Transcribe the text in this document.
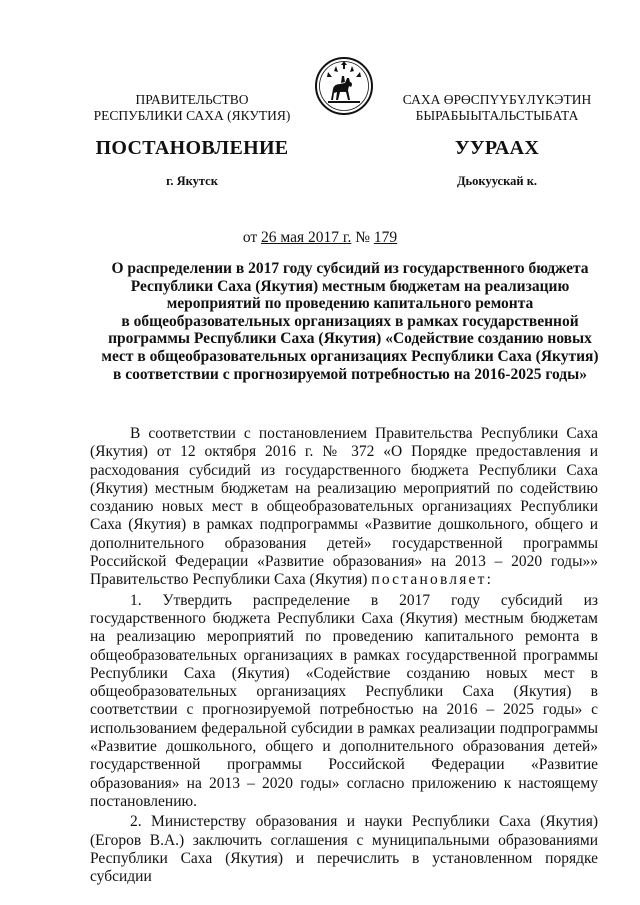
ПРАВИТЕЛЬСТВО
РЕСПУБЛИКИ САХА (ЯКУТИЯ)
САХА ӨРӨСПҮҮБҮЛҮКЭТИН
БЫРАБЫЫТАЛЬСТЫБАТА
ПОСТАНОВЛЕНИЕ	УУРААХ
г. Якутск	Дьокуускай к.
от 26 мая 2017 г. № 179
О распределении в 2017 году субсидий из государственного бюджета
Республики Саха (Якутия) местным бюджетам на реализацию
мероприятий по проведению капитального ремонта
в общеобразовательных организациях в рамках государственной
программы Республики Саха (Якутия) «Содействие созданию новых
мест в общеобразовательных организациях Республики Саха (Якутия)
в соответствии с прогнозируемой потребностью на 2016-2025 годы»

В соответствии с постановлением Правительства Республики Саха (Якутия) от 12 октября 2016 г. № 372 «О Порядке предоставления и расходования субсидий из государственного бюджета Республики Саха (Якутия) местным бюджетам на реализацию мероприятий по содействию созданию новых мест в общеобразовательных организациях Республики Саха (Якутия) в рамках подпрограммы «Развитие дошкольного, общего и дополнительного образования детей» государственной программы Российской Федерации «Развитие образования» на 2013 – 2020 годы»» Правительство Республики Саха (Якутия) постановляет:

1. Утвердить распределение в 2017 году субсидий из государственного бюджета Республики Саха (Якутия) местным бюджетам на реализацию мероприятий по проведению капитального ремонта в общеобразовательных организациях в рамках государственной программы Республики Саха (Якутия) «Содействие созданию новых мест в общеобразовательных организациях Республики Саха (Якутия) в соответствии с прогнозируемой потребностью на 2016 – 2025 годы» с использованием федеральной субсидии в рамках реализации подпрограммы «Развитие дошкольного, общего и дополнительного образования детей» государственной программы Российской Федерации «Развитие образования» на 2013 – 2020 годы» согласно приложению к настоящему постановлению.

2. Министерству образования и науки Республики Саха (Якутия) (Егоров В.А.) заключить соглашения с муниципальными образованиями Республики Саха (Якутия) и перечислить в установленном порядке субсидии
